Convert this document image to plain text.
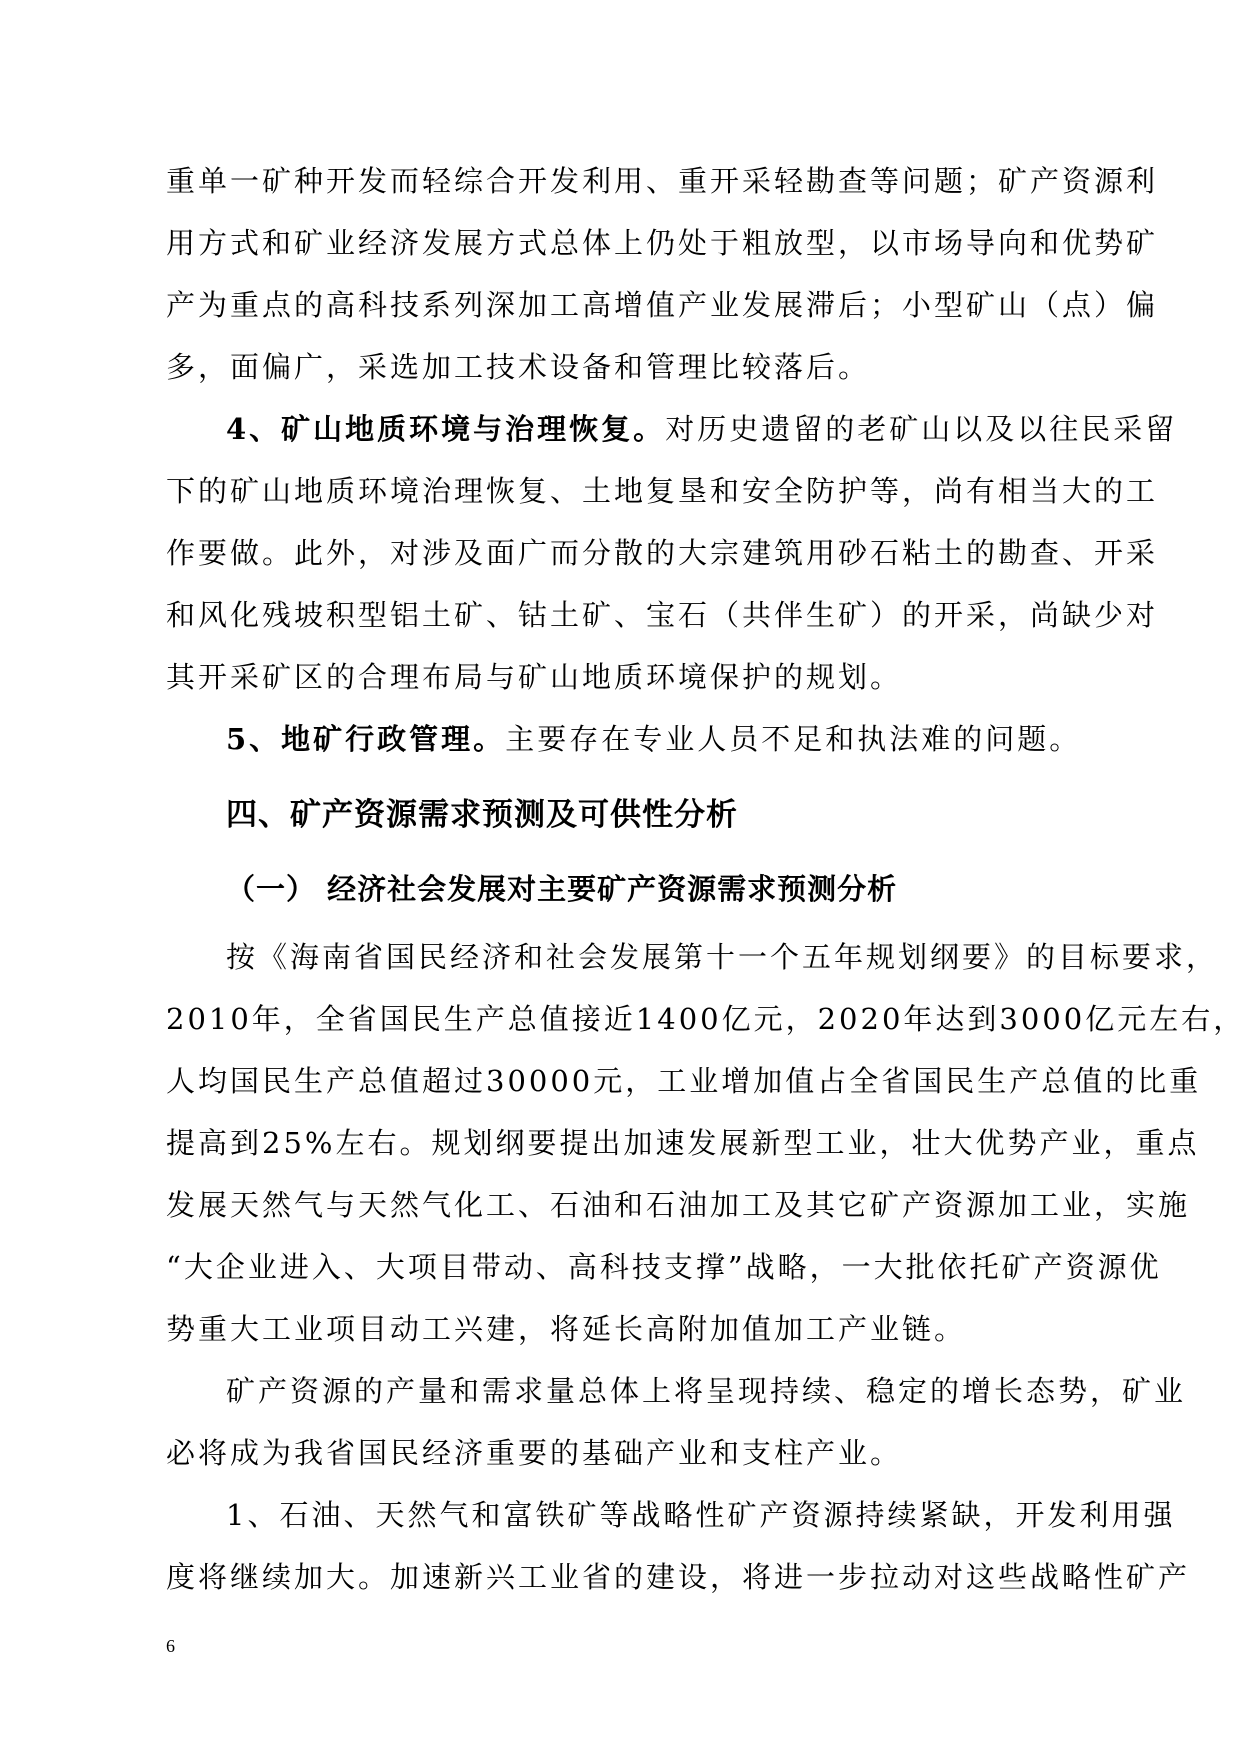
重单一矿种开发而轻综合开发利用、重开采轻勘查等问题；矿产资源利
用方式和矿业经济发展方式总体上仍处于粗放型，以市场导向和优势矿
产为重点的高科技系列深加工高增值产业发展滞后；小型矿山（点）偏
多，面偏广，采选加工技术设备和管理比较落后。
4、矿山地质环境与治理恢复。对历史遗留的老矿山以及以往民采留
下的矿山地质环境治理恢复、土地复垦和安全防护等，尚有相当大的工
作要做。此外，对涉及面广而分散的大宗建筑用砂石粘土的勘查、开采
和风化残坡积型铝土矿、钴土矿、宝石（共伴生矿）的开采，尚缺少对
其开采矿区的合理布局与矿山地质环境保护的规划。
5、地矿行政管理。主要存在专业人员不足和执法难的问题。
四、矿产资源需求预测及可供性分析
（一） 经济社会发展对主要矿产资源需求预测分析
按《海南省国民经济和社会发展第十一个五年规划纲要》的目标要求，
2010年，全省国民生产总值接近1400亿元，2020年达到3000亿元左右，
人均国民生产总值超过30000元，工业增加值占全省国民生产总值的比重
提高到25%左右。规划纲要提出加速发展新型工业，壮大优势产业，重点
发展天然气与天然气化工、石油和石油加工及其它矿产资源加工业，实施
“大企业进入、大项目带动、高科技支撑”战略，一大批依托矿产资源优
势重大工业项目动工兴建，将延长高附加值加工产业链。
矿产资源的产量和需求量总体上将呈现持续、稳定的增长态势，矿业
必将成为我省国民经济重要的基础产业和支柱产业。
1、石油、天然气和富铁矿等战略性矿产资源持续紧缺，开发利用强
度将继续加大。加速新兴工业省的建设，将进一步拉动对这些战略性矿产
6
